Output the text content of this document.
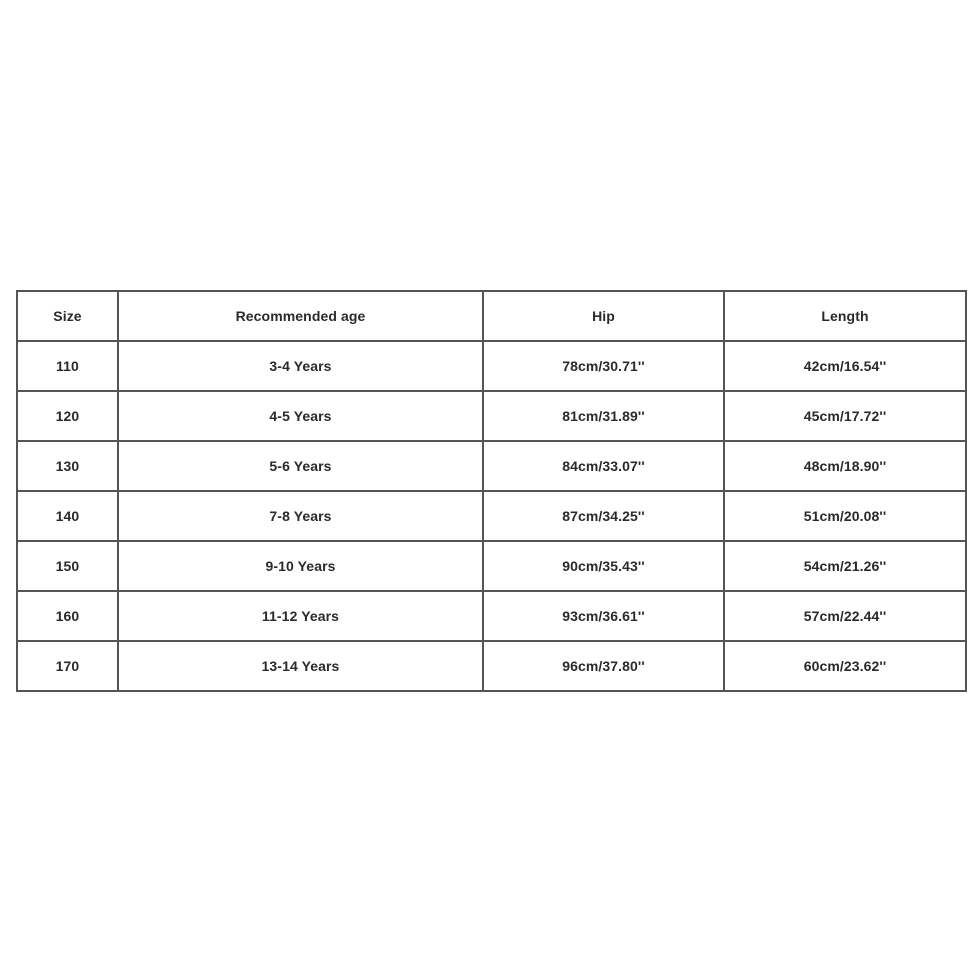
Size	Recommended age	Hip	Length
110	3-4 Years	78cm/30.71''	42cm/16.54''
120	4-5 Years	81cm/31.89''	45cm/17.72''
130	5-6 Years	84cm/33.07''	48cm/18.90''
140	7-8 Years	87cm/34.25''	51cm/20.08''
150	9-10 Years	90cm/35.43''	54cm/21.26''
160	11-12 Years	93cm/36.61''	57cm/22.44''
170	13-14 Years	96cm/37.80''	60cm/23.62''
